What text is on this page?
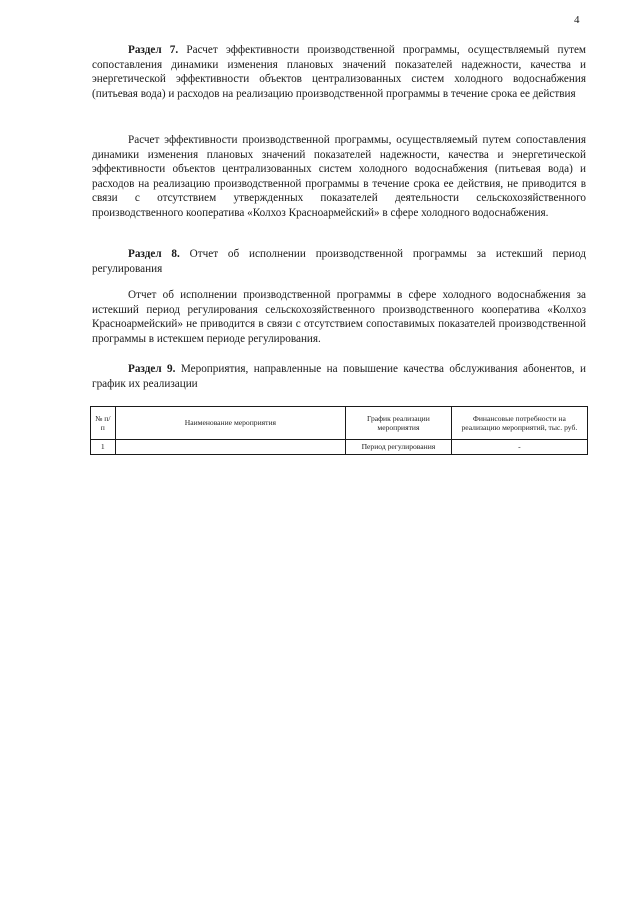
4
Раздел 7. Расчет эффективности производственной программы, осуществляемый путем сопоставления динамики изменения плановых значений показателей надежности, качества и энергетической эффективности объектов централизованных систем холодного водоснабжения (питьевая вода) и расходов на реализацию производственной программы в течение срока ее действия
Расчет эффективности производственной программы, осуществляемый путем сопоставления динамики изменения плановых значений показателей надежности, качества и энергетической эффективности объектов централизованных систем холодного водоснабжения (питьевая вода) и расходов на реализацию производственной программы в течение срока ее действия, не приводится в связи с отсутствием утвержденных показателей деятельности сельскохозяйственного производственного кооператива «Колхоз Красноармейский» в сфере холодного водоснабжения.
Раздел 8. Отчет об исполнении производственной программы за истекший период регулирования
Отчет об исполнении производственной программы в сфере холодного водоснабжения за истекший период регулирования сельскохозяйственного производственного кооператива «Колхоз Красноармейский» не приводится в связи с отсутствием сопоставимых показателей производственной программы в истекшем периоде регулирования.
Раздел 9. Мероприятия, направленные на повышение качества обслуживания абонентов, и график их реализации
№ п/п	Наименование мероприятия	График реализации мероприятия	Финансовые потребности на реализацию мероприятий, тыс. руб.
1		Период регулирования	-
